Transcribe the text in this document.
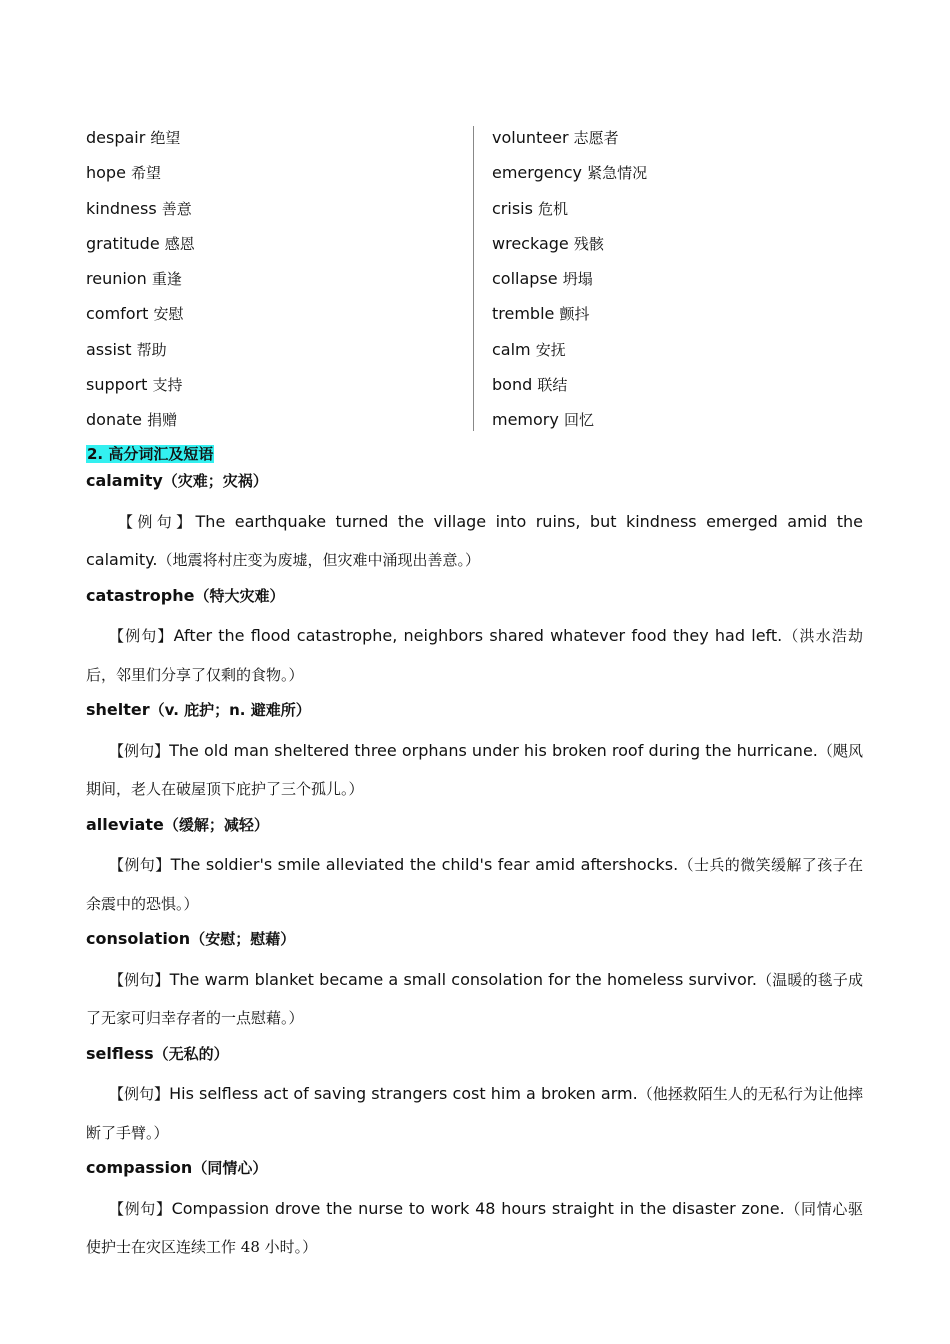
despair 绝望
hope 希望
kindness 善意
gratitude 感恩
reunion 重逢
comfort 安慰
assist 帮助
support 支持
donate 捐赠
volunteer 志愿者
emergency 紧急情况
crisis 危机
wreckage 残骸
collapse 坍塌
tremble 颤抖
calm 安抚
bond 联结
memory 回忆
2. 高分词汇及短语
calamity（灾难；灾祸）
【例句】The earthquake turned the village into ruins, but kindness emerged amid the calamity.（地震将村庄变为废墟，但灾难中涌现出善意。）
catastrophe（特大灾难）
【例句】After the flood catastrophe, neighbors shared whatever food they had left.（洪水浩劫后，邻里们分享了仅剩的食物。）
shelter（v. 庇护；n. 避难所）
【例句】The old man sheltered three orphans under his broken roof during the hurricane.（飓风期间，老人在破屋顶下庇护了三个孤儿。）
alleviate（缓解；减轻）
【例句】The soldier's smile alleviated the child's fear amid aftershocks.（士兵的微笑缓解了孩子在余震中的恐惧。）
consolation（安慰；慰藉）
【例句】The warm blanket became a small consolation for the homeless survivor.（温暖的毯子成了无家可归幸存者的一点慰藉。）
selfless（无私的）
【例句】His selfless act of saving strangers cost him a broken arm.（他拯救陌生人的无私行为让他摔断了手臂。）
compassion（同情心）
【例句】Compassion drove the nurse to work 48 hours straight in the disaster zone.（同情心驱使护士在灾区连续工作 48 小时。）
